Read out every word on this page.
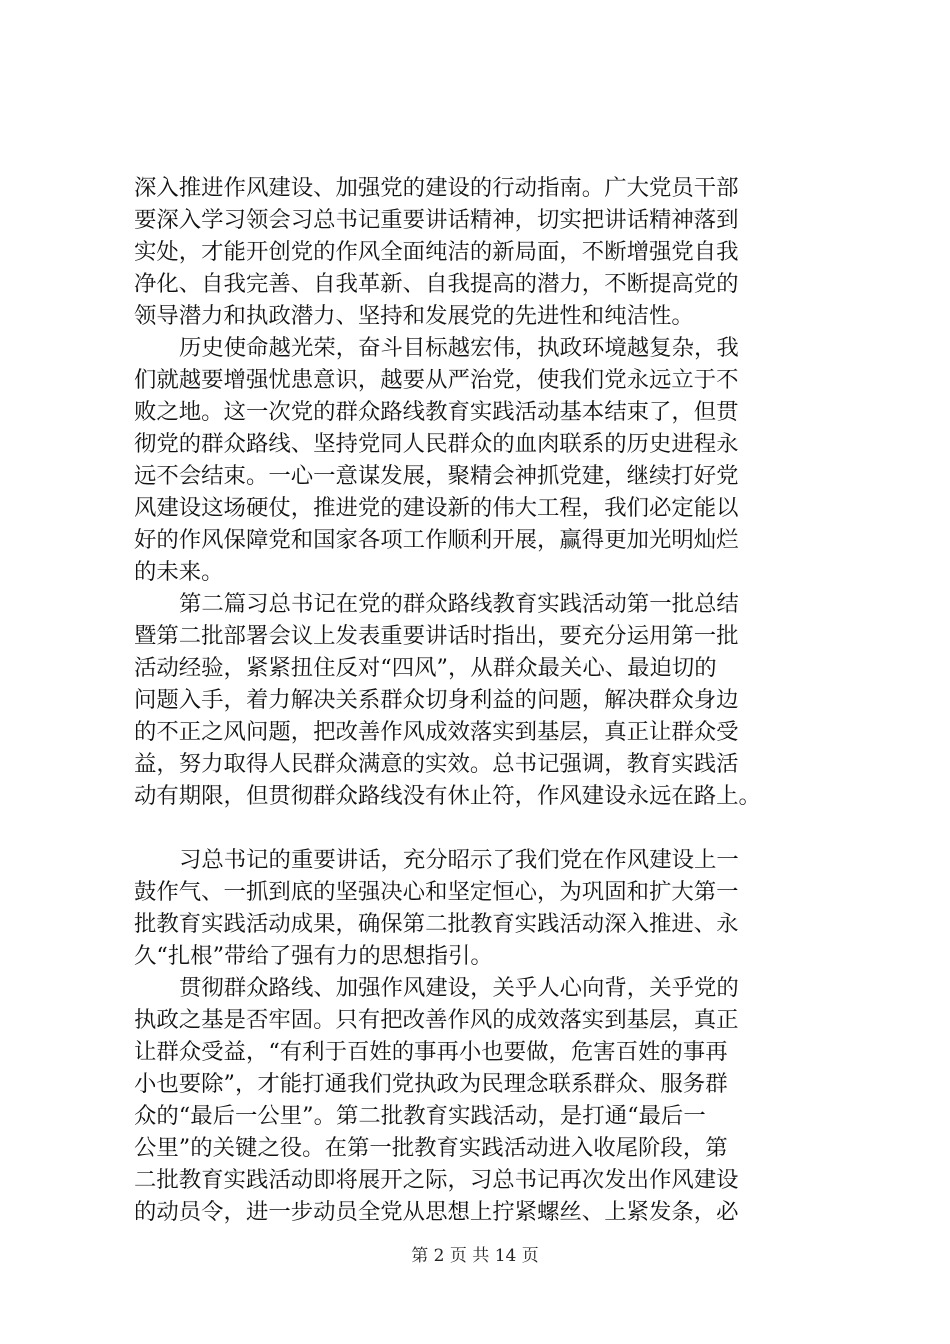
深入推进作风建设、加强党的建设的行动指南。广大党员干部
要深入学习领会习总书记重要讲话精神，切实把讲话精神落到
实处，才能开创党的作风全面纯洁的新局面，不断增强党自我
净化、自我完善、自我革新、自我提高的潜力，不断提高党的
领导潜力和执政潜力、坚持和发展党的先进性和纯洁性。

历史使命越光荣，奋斗目标越宏伟，执政环境越复杂，我
们就越要增强忧患意识，越要从严治党，使我们党永远立于不
败之地。这一次党的群众路线教育实践活动基本结束了，但贯
彻党的群众路线、坚持党同人民群众的血肉联系的历史进程永
远不会结束。一心一意谋发展，聚精会神抓党建，继续打好党
风建设这场硬仗，推进党的建设新的伟大工程，我们必定能以
好的作风保障党和国家各项工作顺利开展，赢得更加光明灿烂
的未来。

第二篇习总书记在党的群众路线教育实践活动第一批总结
暨第二批部署会议上发表重要讲话时指出，要充分运用第一批
活动经验，紧紧扭住反对“四风”，从群众最关心、最迫切的
问题入手，着力解决关系群众切身利益的问题，解决群众身边
的不正之风问题，把改善作风成效落实到基层，真正让群众受
益，努力取得人民群众满意的实效。总书记强调，教育实践活
动有期限，但贯彻群众路线没有休止符，作风建设永远在路上。

习总书记的重要讲话，充分昭示了我们党在作风建设上一
鼓作气、一抓到底的坚强决心和坚定恒心，为巩固和扩大第一
批教育实践活动成果，确保第二批教育实践活动深入推进、永
久“扎根”带给了强有力的思想指引。

贯彻群众路线、加强作风建设，关乎人心向背，关乎党的
执政之基是否牢固。只有把改善作风的成效落实到基层，真正
让群众受益，“有利于百姓的事再小也要做，危害百姓的事再
小也要除”，才能打通我们党执政为民理念联系群众、服务群
众的“最后一公里”。第二批教育实践活动，是打通“最后一
公里”的关键之役。在第一批教育实践活动进入收尾阶段，第
二批教育实践活动即将展开之际，习总书记再次发出作风建设
的动员令，进一步动员全党从思想上拧紧螺丝、上紧发条，必

第 2 页 共 14 页
